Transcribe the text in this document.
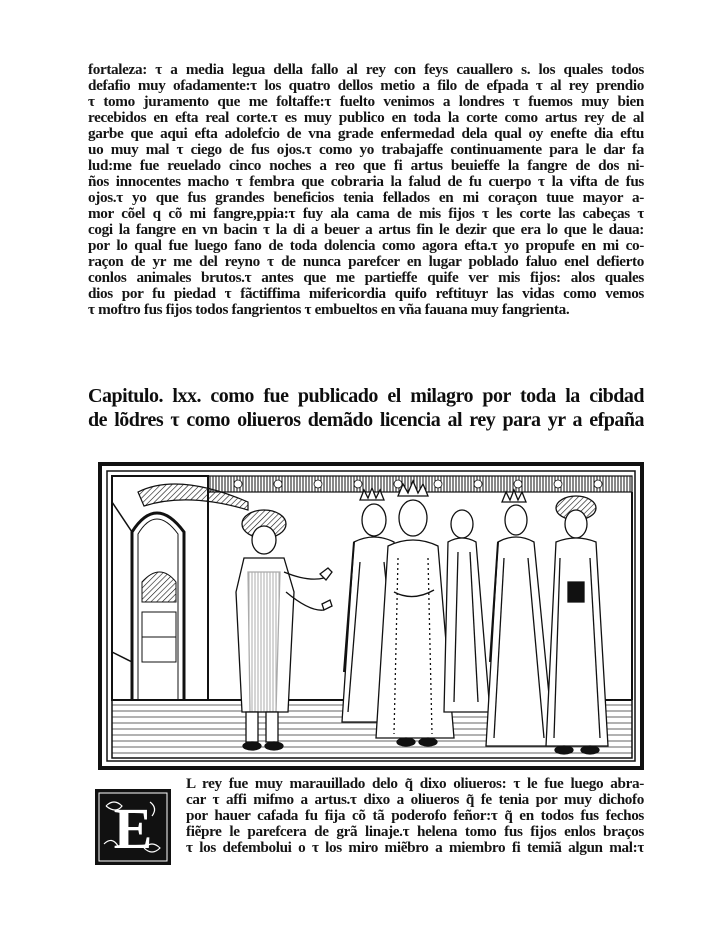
fortaleza: τ a media legua della fallo al rey con feys cauallero s. los quales todos
defafio muy ofadamente:τ los quatro dellos metio a filo de efpada τ al rey prendio
τ tomo juramento que me foltaffe:τ fuelto venimos a londres τ fuemos muy bien
recebidos en efta real corte.τ es muy publico en toda la corte como artus rey de al
garbe que aqui efta adolefcio de vna grade enfermedad dela qual oy enefte dia eftu
uo muy mal τ ciego de fus ojos.τ como yo trabajaffe continuamente para le dar fa
lud:me fue reuelado cinco noches a reo que fi artus beuieffe la fangre de dos ni-
ños innocentes macho τ fembra que cobraria la falud de fu cuerpo τ la vifta de fus
ojos.τ yo que fus grandes beneficios tenia fellados en mi coraçon tuue mayor a-
mor cõel q cõ mi fangre,ppia:τ fuy ala cama de mis fijos τ les corte las cabeças τ
cogi la fangre en vn bacin τ la di a beuer a artus fin le dezir que era lo que le daua:
por lo qual fue luego fano de toda dolencia como agora efta.τ yo propufe en mi co-
raçon de yr me del reyno τ de nunca parefcer en lugar poblado faluo enel defierto
conlos animales brutos.τ antes que me partieffe quife ver mis fijos: alos quales
dios por fu piedad τ fãctiffima mifericordia quifo reftituyr las vidas como vemos
τ moftro fus fijos todos fangrientos τ embueltos en vña fauana muy fangrienta.
Capitulo. lxx. como fue publicado el milagro por toda la cibdad
de lõdres τ como oliueros demãdo licencia al rey para yr a efpaña
E
L rey fue muy marauillado delo q̃ dixo oliueros: τ le fue luego abra-
car τ affi mifmo a artus.τ dixo a oliueros q̃ fe tenia por muy dichofo
por hauer cafada fu fija cõ tã poderofo feñor:τ q̃ en todos fus fechos
fiẽpre le parefcera de grã linaje.τ helena tomo fus fijos enlos braços
τ los defembolui o τ los miro miẽbro a miembro fi temiã algun mal:τ
